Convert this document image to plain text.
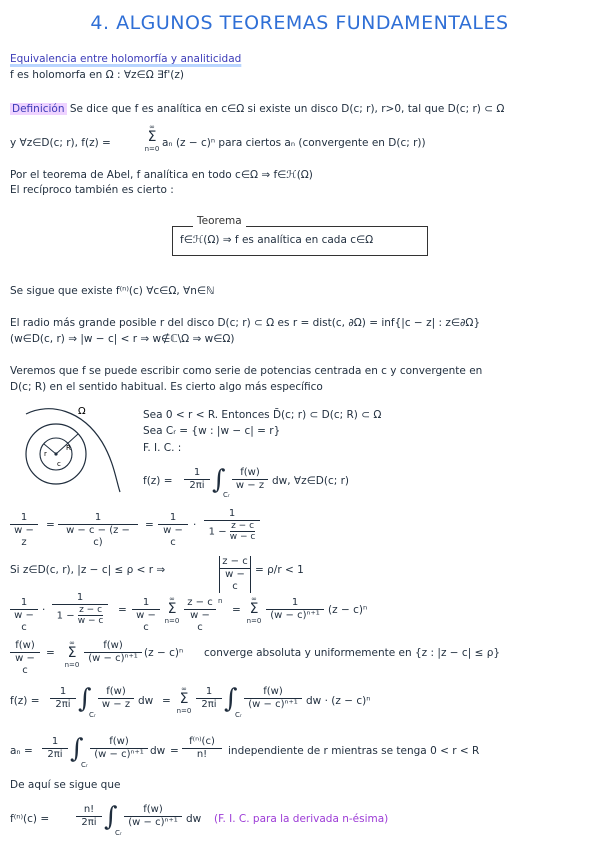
4. ALGUNOS TEOREMAS FUNDAMENTALES
Equivalencia entre holomorfía y analiticidad
f es holomorfa en Ω : ∀z∈Ω ∃f'(z)
Definición Se dice que f es analítica en c∈Ω si existe un disco D(c; r), r>0, tal que D(c; r) ⊂ Ω
y ∀z∈D(c; r), f(z) =
∞
Σ
n=0 aₙ (z − c)ⁿ para ciertos aₙ (convergente en D(c; r))
Por el teorema de Abel, f analítica en todo c∈Ω ⇒ f∈ℋ(Ω)
El recíproco también es cierto :
Teorema
f∈ℋ(Ω) ⇒ f es analítica en cada c∈Ω
Se sigue que existe f⁽ⁿ⁾(c) ∀c∈Ω, ∀n∈ℕ
El radio más grande posible r del disco D(c; r) ⊂ Ω es r = dist(c, ∂Ω) = inf{|c − z| : z∈∂Ω}
(w∈D(c, r) ⇒ |w − c| < r ⇒ w∉ℂ\Ω ⇒ w∈Ω)
Veremos que f se puede escribir como serie de potencias centrada en c y convergente en
D(c; R) en el sentido habitual. Es cierto algo más específico
Ω
c
r
R
Sea 0 < r < R. Entonces D̄(c; r) ⊂ D(c; R) ⊂ Ω
Sea Cᵣ = {w : |w − c| = r}
F. I. C. :
$f(z) = \frac{1}{2\pi i}$ ∫
Cᵣ
$\frac{f(w)}{w - z}$ dw, ∀z∈D(c; r)
$\frac{1}{w - z} = \frac{1}{w - c - (z - c)} = \frac{1}{w - c} \cdot \frac{1}{1 - \frac{z - c}{w - c}}$
Si z∈D(c, r), |z − c| ≤ ρ < r ⇒	$\frac{z - c}{w - c} = \rho/r < 1$
$\frac{1}{w - c} \cdot \frac{1}{1 - \frac{z - c}{w - c}} = \frac{1}{w - c}$	∞
Σ
$n=0 \frac{z - c}{w - c}$ n
=
∞
Σ
$n=0 \frac{1}{\text{(w − c)ⁿ⁺¹}} (z - c)^n$
$\frac{f(w)}{w - c}$ =
∞
Σ
$n=0 \frac{f(w)}{\text{(w − c)ⁿ⁺¹}} (z - c)^n$ converge absoluta y uniformemente en {z : |z − c| ≤ ρ}
$f(z) = \frac{1}{2\pi i}$ ∫
Cᵣ
$\frac{f(w)}{w - z}$ dw =
∞
Σ
$n=0 \frac{1}{2\pi i}$ ∫
Cᵣ
$\frac{f(w)}{\text{(w − c)ⁿ⁺¹}}$ dw · (z − c)ⁿ
$a_n = \frac{1}{2\pi i}$ ∫
Cᵣ
$\frac{f(w)}{\text{(w − c)ⁿ⁺¹}}$ dw = $\frac{\text{f⁽ⁿ⁾(c)}}{n!}$ independiente de r mientras se tenga 0 < r < R
De aquí se sigue que
f⁽ⁿ⁾(c) =	$\frac{n!}{2\pi i}$ ∫
Cᵣ
$\frac{f(w)}{\text{(w − c)ⁿ⁺¹}}$ dw (F. I. C. para la derivada n-ésima)
